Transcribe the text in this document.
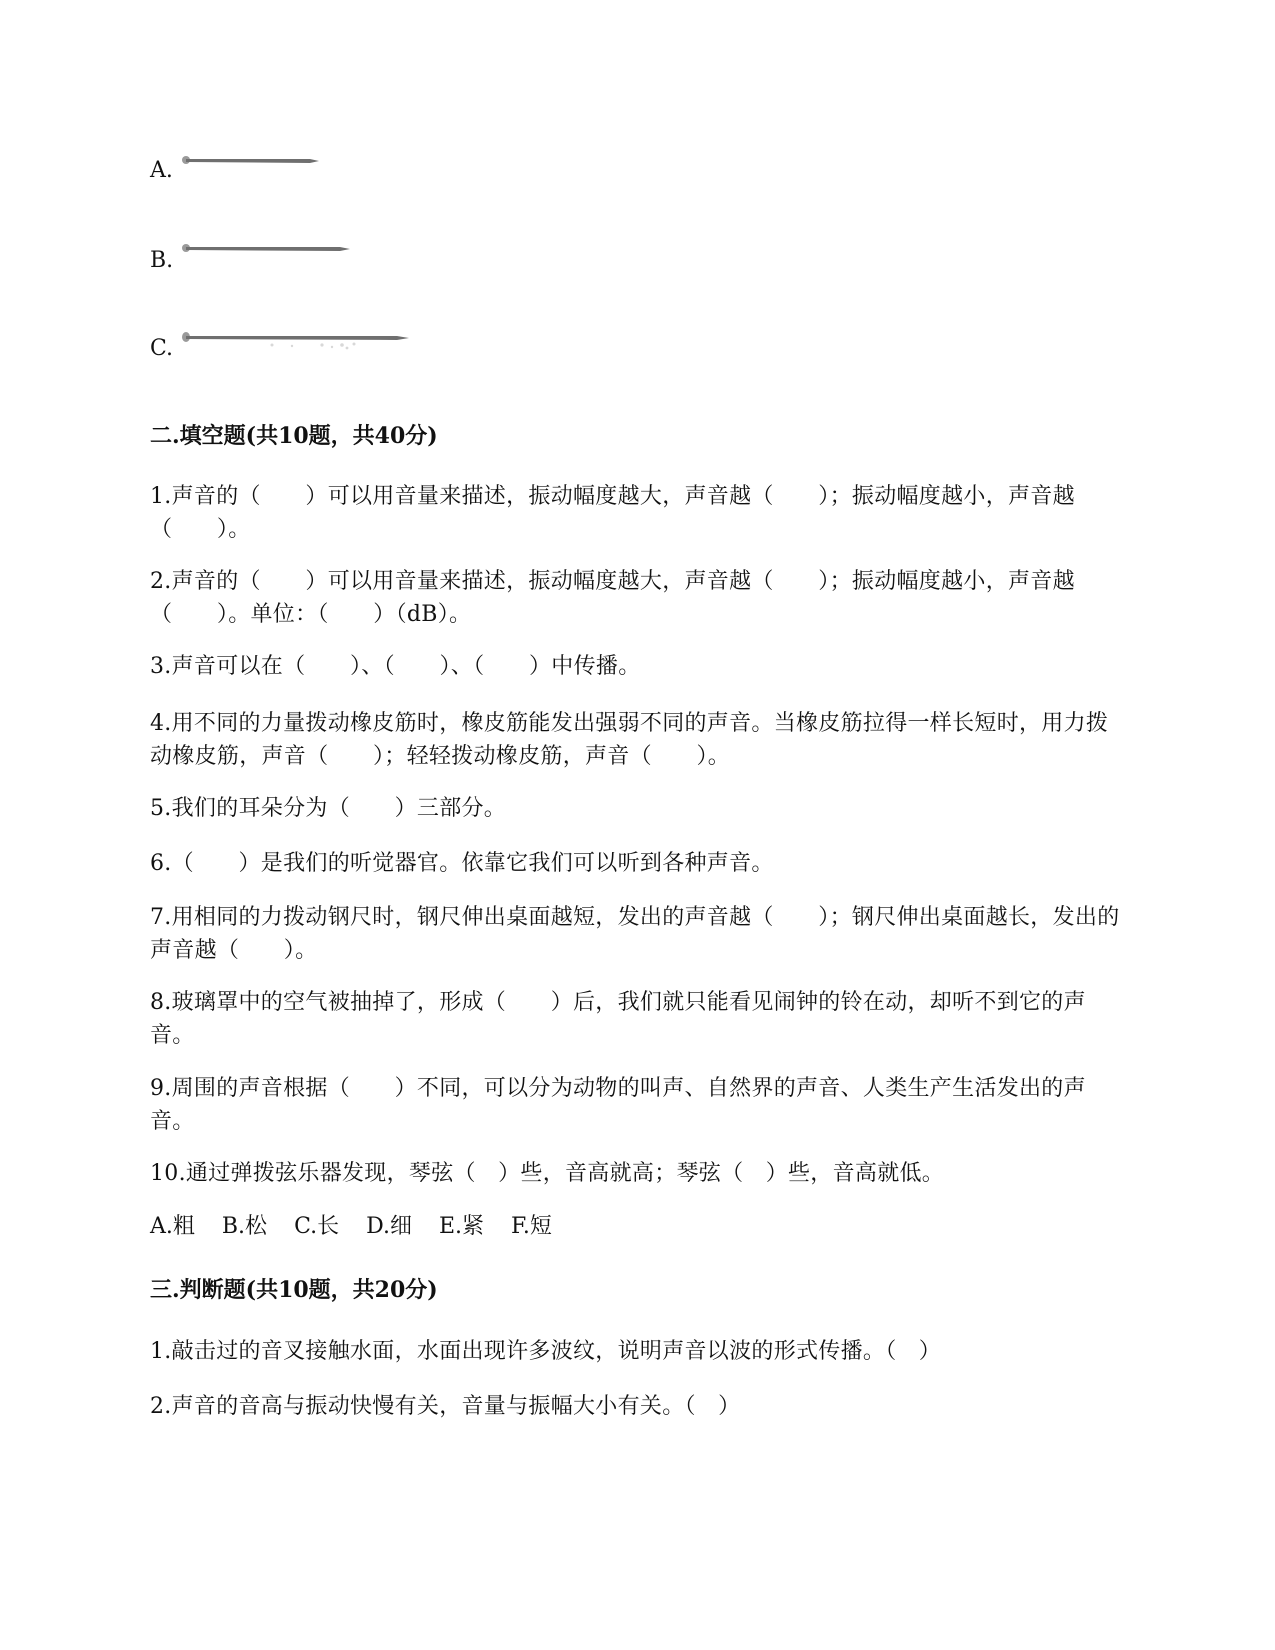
A.
B.
C.
二.填空题(共10题，共40分)
1.声音的（　　）可以用音量来描述，振动幅度越大，声音越（　　）；振动幅度越小，声音越 （　　）。
2.声音的（　　）可以用音量来描述，振动幅度越大，声音越（　　）；振动幅度越小，声音越（　　）。单位：（　　）（dB）。
3.声音可以在（　　）、（　　）、（　　）中传播。
4.用不同的力量拨动橡皮筋时，橡皮筋能发出强弱不同的声音。当橡皮筋拉得一样长短时，用力拨动橡皮筋，声音（　　）；轻轻拨动橡皮筋，声音（　　）。
5.我们的耳朵分为（　　）三部分。
6.（　　）是我们的听觉器官。依靠它我们可以听到各种声音。
7.用相同的力拨动钢尺时，钢尺伸出桌面越短，发出的声音越（　　）；钢尺伸出桌面越长，发出的声音越（　　）。
8.玻璃罩中的空气被抽掉了，形成（　　）后，我们就只能看见闹钟的铃在动，却听不到它的声音。
9.周围的声音根据（　　）不同，可以分为动物的叫声、自然界的声音、人类生产生活发出的声音。
10.通过弹拨弦乐器发现，琴弦（　）些，音高就高；琴弦（　）些，音高就低。
A.粗 B.松 C.长 D.细 E.紧 F.短
三.判断题(共10题，共20分)
1.敲击过的音叉接触水面，水面出现许多波纹，说明声音以波的形式传播。（　）
2.声音的音高与振动快慢有关，音量与振幅大小有关。（　）
